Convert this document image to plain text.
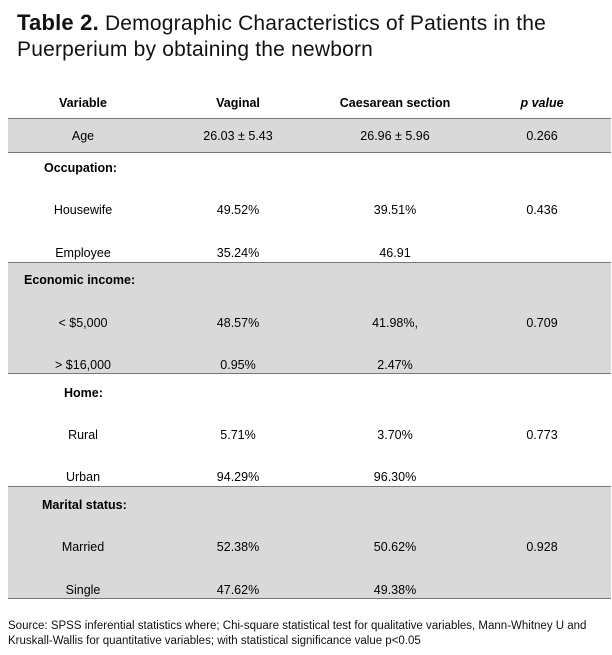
Table 2. Demographic Characteristics of Patients in the Puerperium by obtaining the newborn
Variable	Vaginal	Caesarean section	p value
Age	26.03 ± 5.43	26.96 ± 5.96	0.266
Occupation:
Housewife	49.52%	39.51%	0.436
Employee	35.24%	46.91
Economic income:
< $5,000	48.57%	41.98%,	0.709
> $16,000	0.95%	2.47%
Home:
Rural	5.71%	3.70%	0.773
Urban	94.29%	96.30%
Marital status:
Married	52.38%	50.62%	0.928
Single	47.62%	49.38%
Source: SPSS inferential statistics where; Chi-square statistical test for qualitative variables, Mann-Whitney U and Kruskall-Wallis for quantitative variables; with statistical significance value p<0.05
